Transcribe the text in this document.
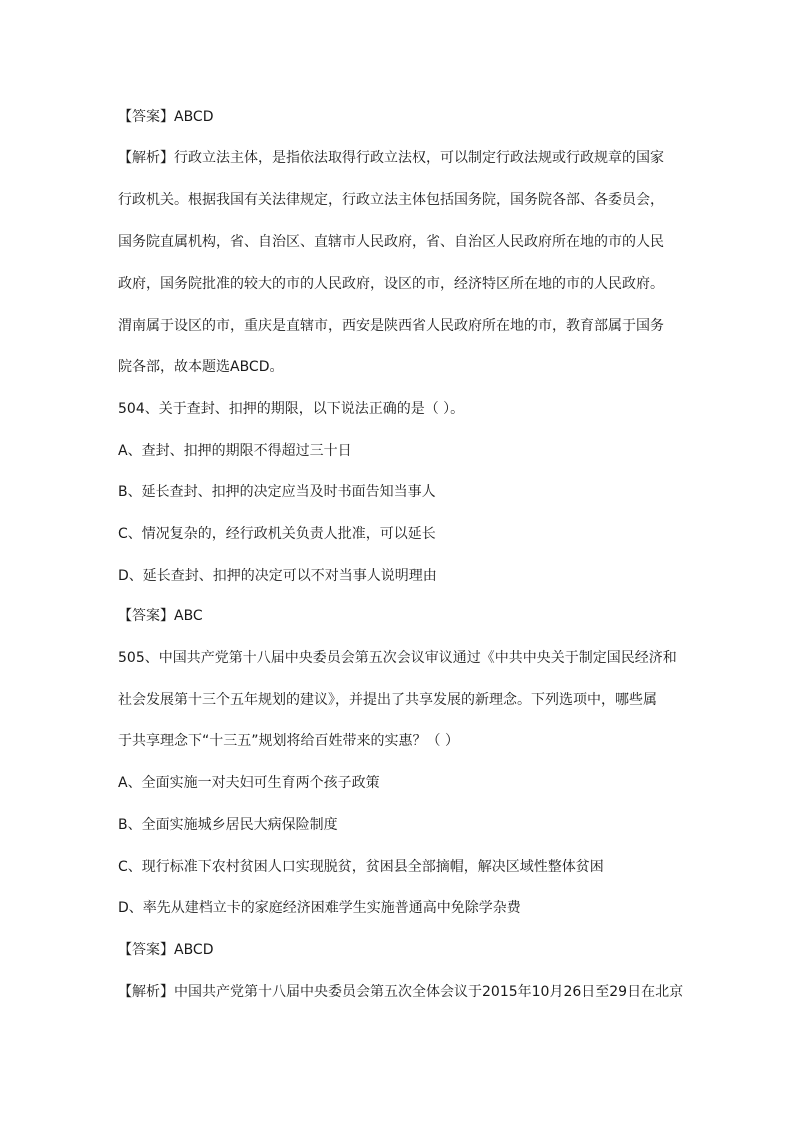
【答案】ABCD
【解析】行政立法主体，是指依法取得行政立法权，可以制定行政法规或行政规章的国家
行政机关。根据我国有关法律规定，行政立法主体包括国务院，国务院各部、各委员会，
国务院直属机构，省、自治区、直辖市人民政府，省、自治区人民政府所在地的市的人民
政府，国务院批准的较大的市的人民政府，设区的市，经济特区所在地的市的人民政府。
渭南属于设区的市，重庆是直辖市，西安是陕西省人民政府所在地的市，教育部属于国务
院各部，故本题选ABCD。
504、关于查封、扣押的期限，以下说法正确的是（ ）。
A、查封、扣押的期限不得超过三十日
B、延长查封、扣押的决定应当及时书面告知当事人
C、情况复杂的，经行政机关负责人批准，可以延长
D、延长查封、扣押的决定可以不对当事人说明理由
【答案】ABC
505、中国共产党第十八届中央委员会第五次会议审议通过《中共中央关于制定国民经济和
社会发展第十三个五年规划的建议》，并提出了共享发展的新理念。下列选项中，哪些属
于共享理念下“十三五”规划将给百姓带来的实惠？（ ）
A、全面实施一对夫妇可生育两个孩子政策
B、全面实施城乡居民大病保险制度
C、现行标准下农村贫困人口实现脱贫，贫困县全部摘帽，解决区域性整体贫困
D、率先从建档立卡的家庭经济困难学生实施普通高中免除学杂费
【答案】ABCD
【解析】中国共产党第十八届中央委员会第五次全体会议于2015年10月26日至29日在北京
